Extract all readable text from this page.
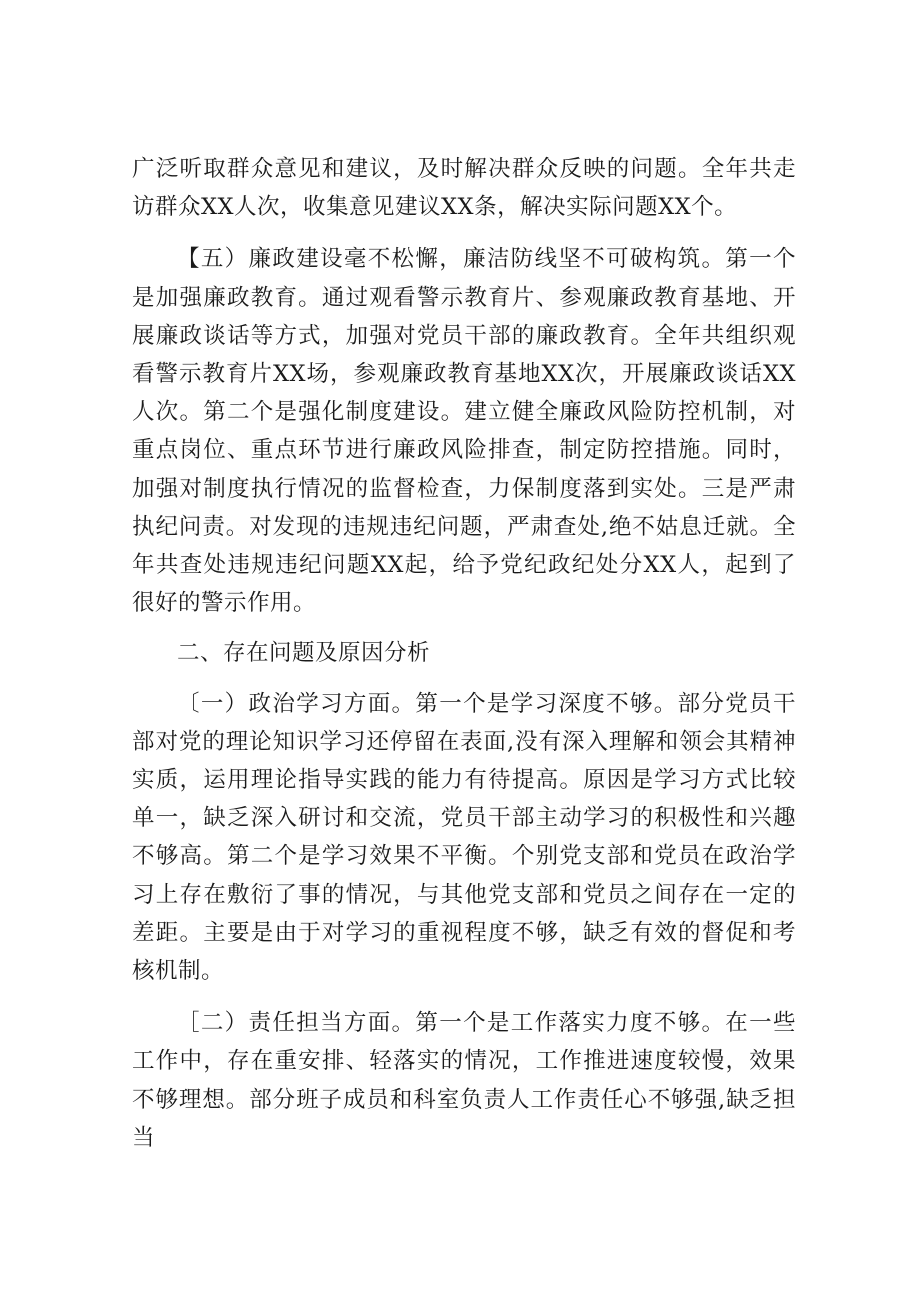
广泛听取群众意见和建议，及时解决群众反映的问题。全年共走访群众XX人次，收集意见建议XX条，解决实际问题XX个。

【五）廉政建设毫不松懈，廉洁防线坚不可破构筑。第一个是加强廉政教育。通过观看警示教育片、参观廉政教育基地、开展廉政谈话等方式，加强对党员干部的廉政教育。全年共组织观看警示教育片XX场，参观廉政教育基地XX次，开展廉政谈话XX人次。第二个是强化制度建设。建立健全廉政风险防控机制，对重点岗位、重点环节进行廉政风险排查，制定防控措施。同时，加强对制度执行情况的监督检查，力保制度落到实处。三是严肃执纪问责。对发现的违规违纪问题，严肃查处,绝不姑息迁就。全年共查处违规违纪问题XX起，给予党纪政纪处分XX人，起到了很好的警示作用。

二、存在问题及原因分析

〔一）政治学习方面。第一个是学习深度不够。部分党员干部对党的理论知识学习还停留在表面,没有深入理解和领会其精神实质，运用理论指导实践的能力有待提高。原因是学习方式比较单一，缺乏深入研讨和交流，党员干部主动学习的积极性和兴趣不够高。第二个是学习效果不平衡。个别党支部和党员在政治学习上存在敷衍了事的情况，与其他党支部和党员之间存在一定的差距。主要是由于对学习的重视程度不够，缺乏有效的督促和考核机制。

［二）责任担当方面。第一个是工作落实力度不够。在一些工作中，存在重安排、轻落实的情况，工作推进速度较慢，效果不够理想。部分班子成员和科室负责人工作责任心不够强,缺乏担当
